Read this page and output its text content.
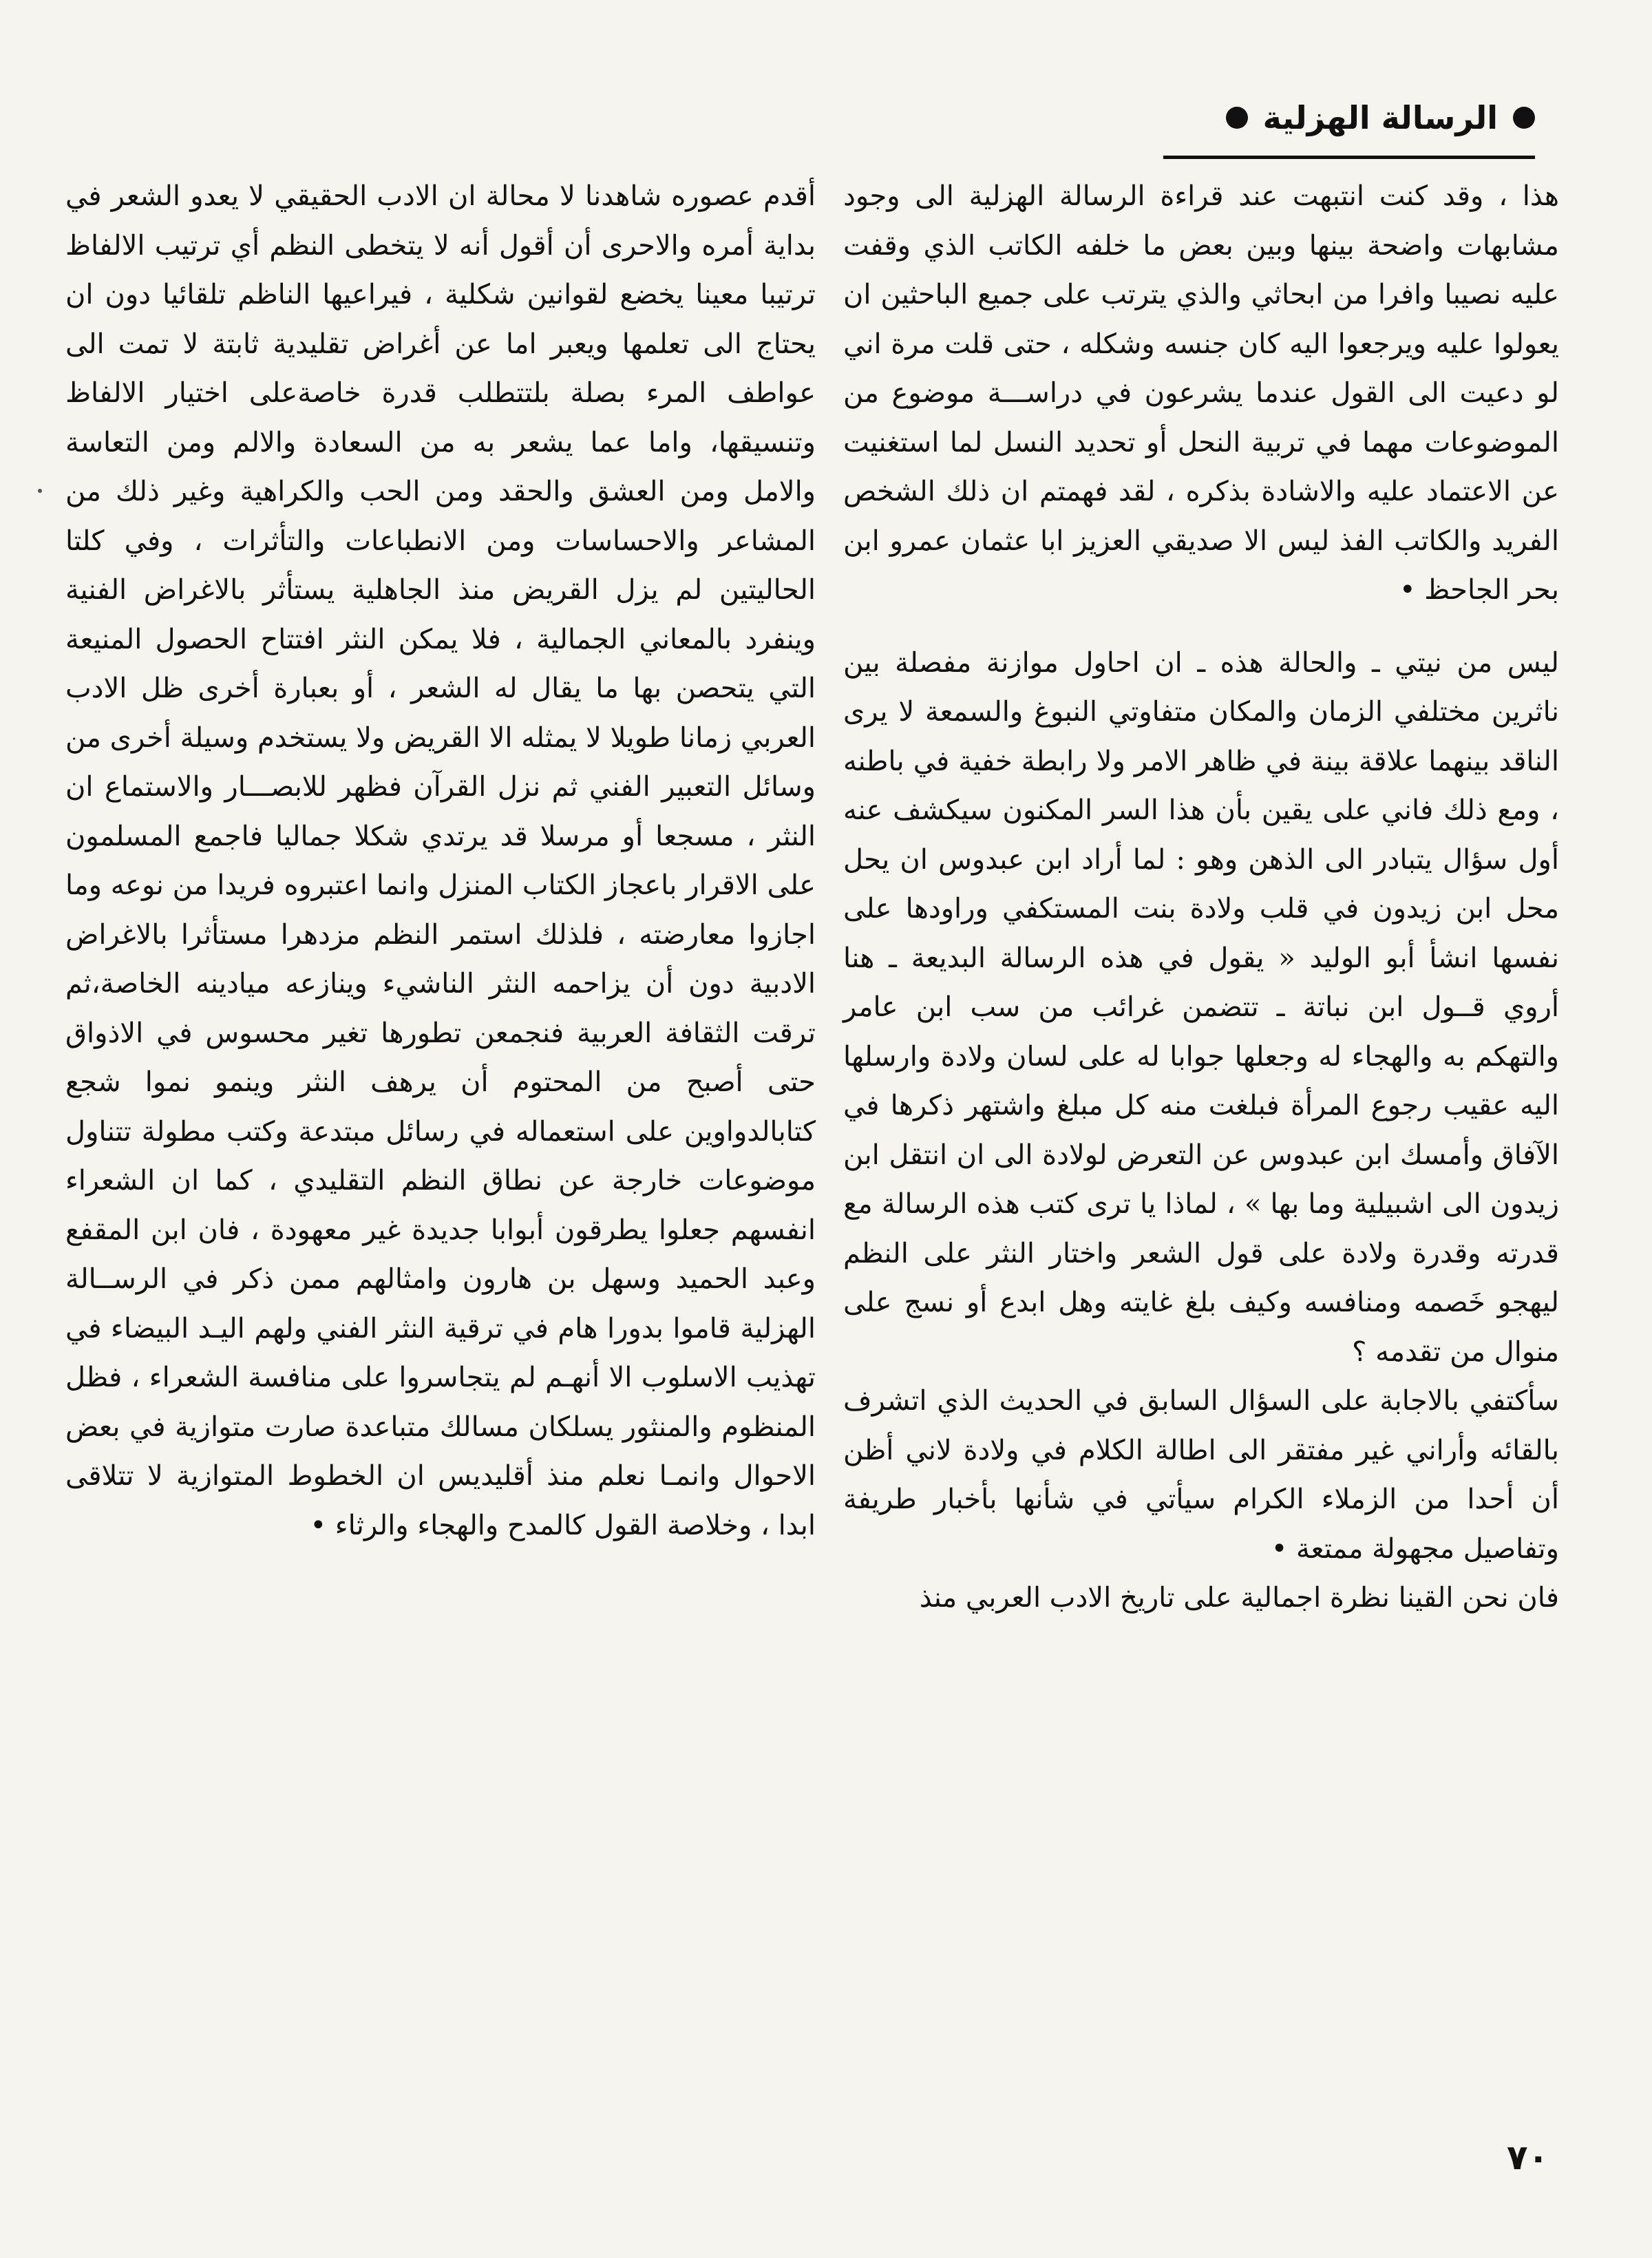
الرسالة الهزلية

هذا ، وقد كنت انتبهت عند قراءة الرسالة الهزلية الى وجود مشابهات واضحة بينها وبين بعض ما خلفه الكاتب الذي وقفت عليه نصيبا وافرا من ابحاثي والذي يترتب على جميع الباحثين ان يعولوا عليه ويرجعوا اليه كان جنسه وشكله ، حتى قلت مرة اني لو دعيت الى القول عندما يشرعون في دراســـة موضوع من الموضوعات مهما في تربية النحل أو تحديد النسل لما استغنيت عن الاعتماد عليه والاشادة بذكره ، لقد فهمتم ان ذلك الشخص الفريد والكاتب الفذ ليس الا صديقي العزيز ابا عثمان عمرو ابن بحر الجاحظ •

ليس من نيتي ـ والحالة هذه ـ ان احاول موازنة مفصلة بين ناثرين مختلفي الزمان والمكان متفاوتي النبوغ والسمعة لا يرى الناقد بينهما علاقة بينة في ظاهر الامر ولا رابطة خفية في باطنه ، ومع ذلك فاني على يقين بأن هذا السر المكنون سيكشف عنه أول سؤال يتبادر الى الذهن وهو : لما أراد ابن عبدوس ان يحل محل ابن زيدون في قلب ولادة بنت المستكفي وراودها على نفسها انشأ أبو الوليد « يقول في هذه الرسالة البديعة ـ هنا أروي قــول ابن نباتة ـ تتضمن غرائب من سب ابن عامر والتهكم به والهجاء له وجعلها جوابا له على لسان ولادة وارسلها اليه عقيب رجوع المرأة فبلغت منه كل مبلغ واشتهر ذكرها في الآفاق وأمسك ابن عبدوس عن التعرض لولادة الى ان انتقل ابن زيدون الى اشبيلية وما بها » ، لماذا يا ترى كتب هذه الرسالة مع قدرته وقدرة ولادة على قول الشعر واختار النثر على النظم ليهجو خَصمه ومنافسه وكيف بلغ غايته وهل ابدع أو نسج على منوال من تقدمه ؟

سأكتفي بالاجابة على السؤال السابق في الحديث الذي اتشرف بالقائه وأراني غير مفتقر الى اطالة الكلام في ولادة لاني أظن أن أحدا من الزملاء الكرام سيأتي في شأنها بأخبار طريفة وتفاصيل مجهولة ممتعة •

فان نحن القينا نظرة اجمالية على تاريخ الادب العربي منذ

أقدم عصوره شاهدنا لا محالة ان الادب الحقيقي لا يعدو الشعر في بداية أمره والاحرى أن أقول أنه لا يتخطى النظم أي ترتيب الالفاظ ترتيبا معينا يخضع لقوانين شكلية ، فيراعيها الناظم تلقائيا دون ان يحتاج الى تعلمها ويعبر اما عن أغراض تقليدية ثابتة لا تمت الى عواطف المرء بصلة بلتتطلب قدرة خاصةعلى اختيار الالفاظ وتنسيقها، واما عما يشعر به من السعادة والالم ومن التعاسة والامل ومن العشق والحقد ومن الحب والكراهية وغير ذلك من المشاعر والاحساسات ومن الانطباعات والتأثرات ، وفي كلتا الحاليتين لم يزل القريض منذ الجاهلية يستأثر بالاغراض الفنية وينفرد بالمعاني الجمالية ، فلا يمكن النثر افتتاح الحصول المنيعة التي يتحصن بها ما يقال له الشعر ، أو بعبارة أخرى ظل الادب العربي زمانا طويلا لا يمثله الا القريض ولا يستخدم وسيلة أخرى من وسائل التعبير الفني ثم نزل القرآن فظهر للابصـــار والاستماع ان النثر ، مسجعا أو مرسلا قد يرتدي شكلا جماليا فاجمع المسلمون على الاقرار باعجاز الكتاب المنزل وانما اعتبروه فريدا من نوعه وما اجازوا معارضته ، فلذلك استمر النظم مزدهرا مستأثرا بالاغراض الادبية دون أن يزاحمه النثر الناشيء وينازعه ميادينه الخاصة،ثم ترقت الثقافة العربية فنجمعن تطورها تغير محسوس في الاذواق حتى أصبح من المحتوم أن يرهف النثر وينمو نموا شجع كتابالدواوين على استعماله في رسائل مبتدعة وكتب مطولة تتناول موضوعات خارجة عن نطاق النظم التقليدي ، كما ان الشعراء انفسهم جعلوا يطرقون أبوابا جديدة غير معهودة ، فان ابن المقفع وعبد الحميد وسهل بن هارون وامثالهم ممن ذكر في الرســالة الهزلية قاموا بدورا هام في ترقية النثر الفني ولهم اليـد البيضاء في تهذيب الاسلوب الا أنهـم لم يتجاسروا على منافسة الشعراء ، فظل المنظوم والمنثور يسلكان مسالك متباعدة صارت متوازية في بعض الاحوال وانمـا نعلم منذ أقليديس ان الخطوط المتوازية لا تتلاقى ابدا ، وخلاصة القول كالمدح والهجاء والرثاء •

٧٠
